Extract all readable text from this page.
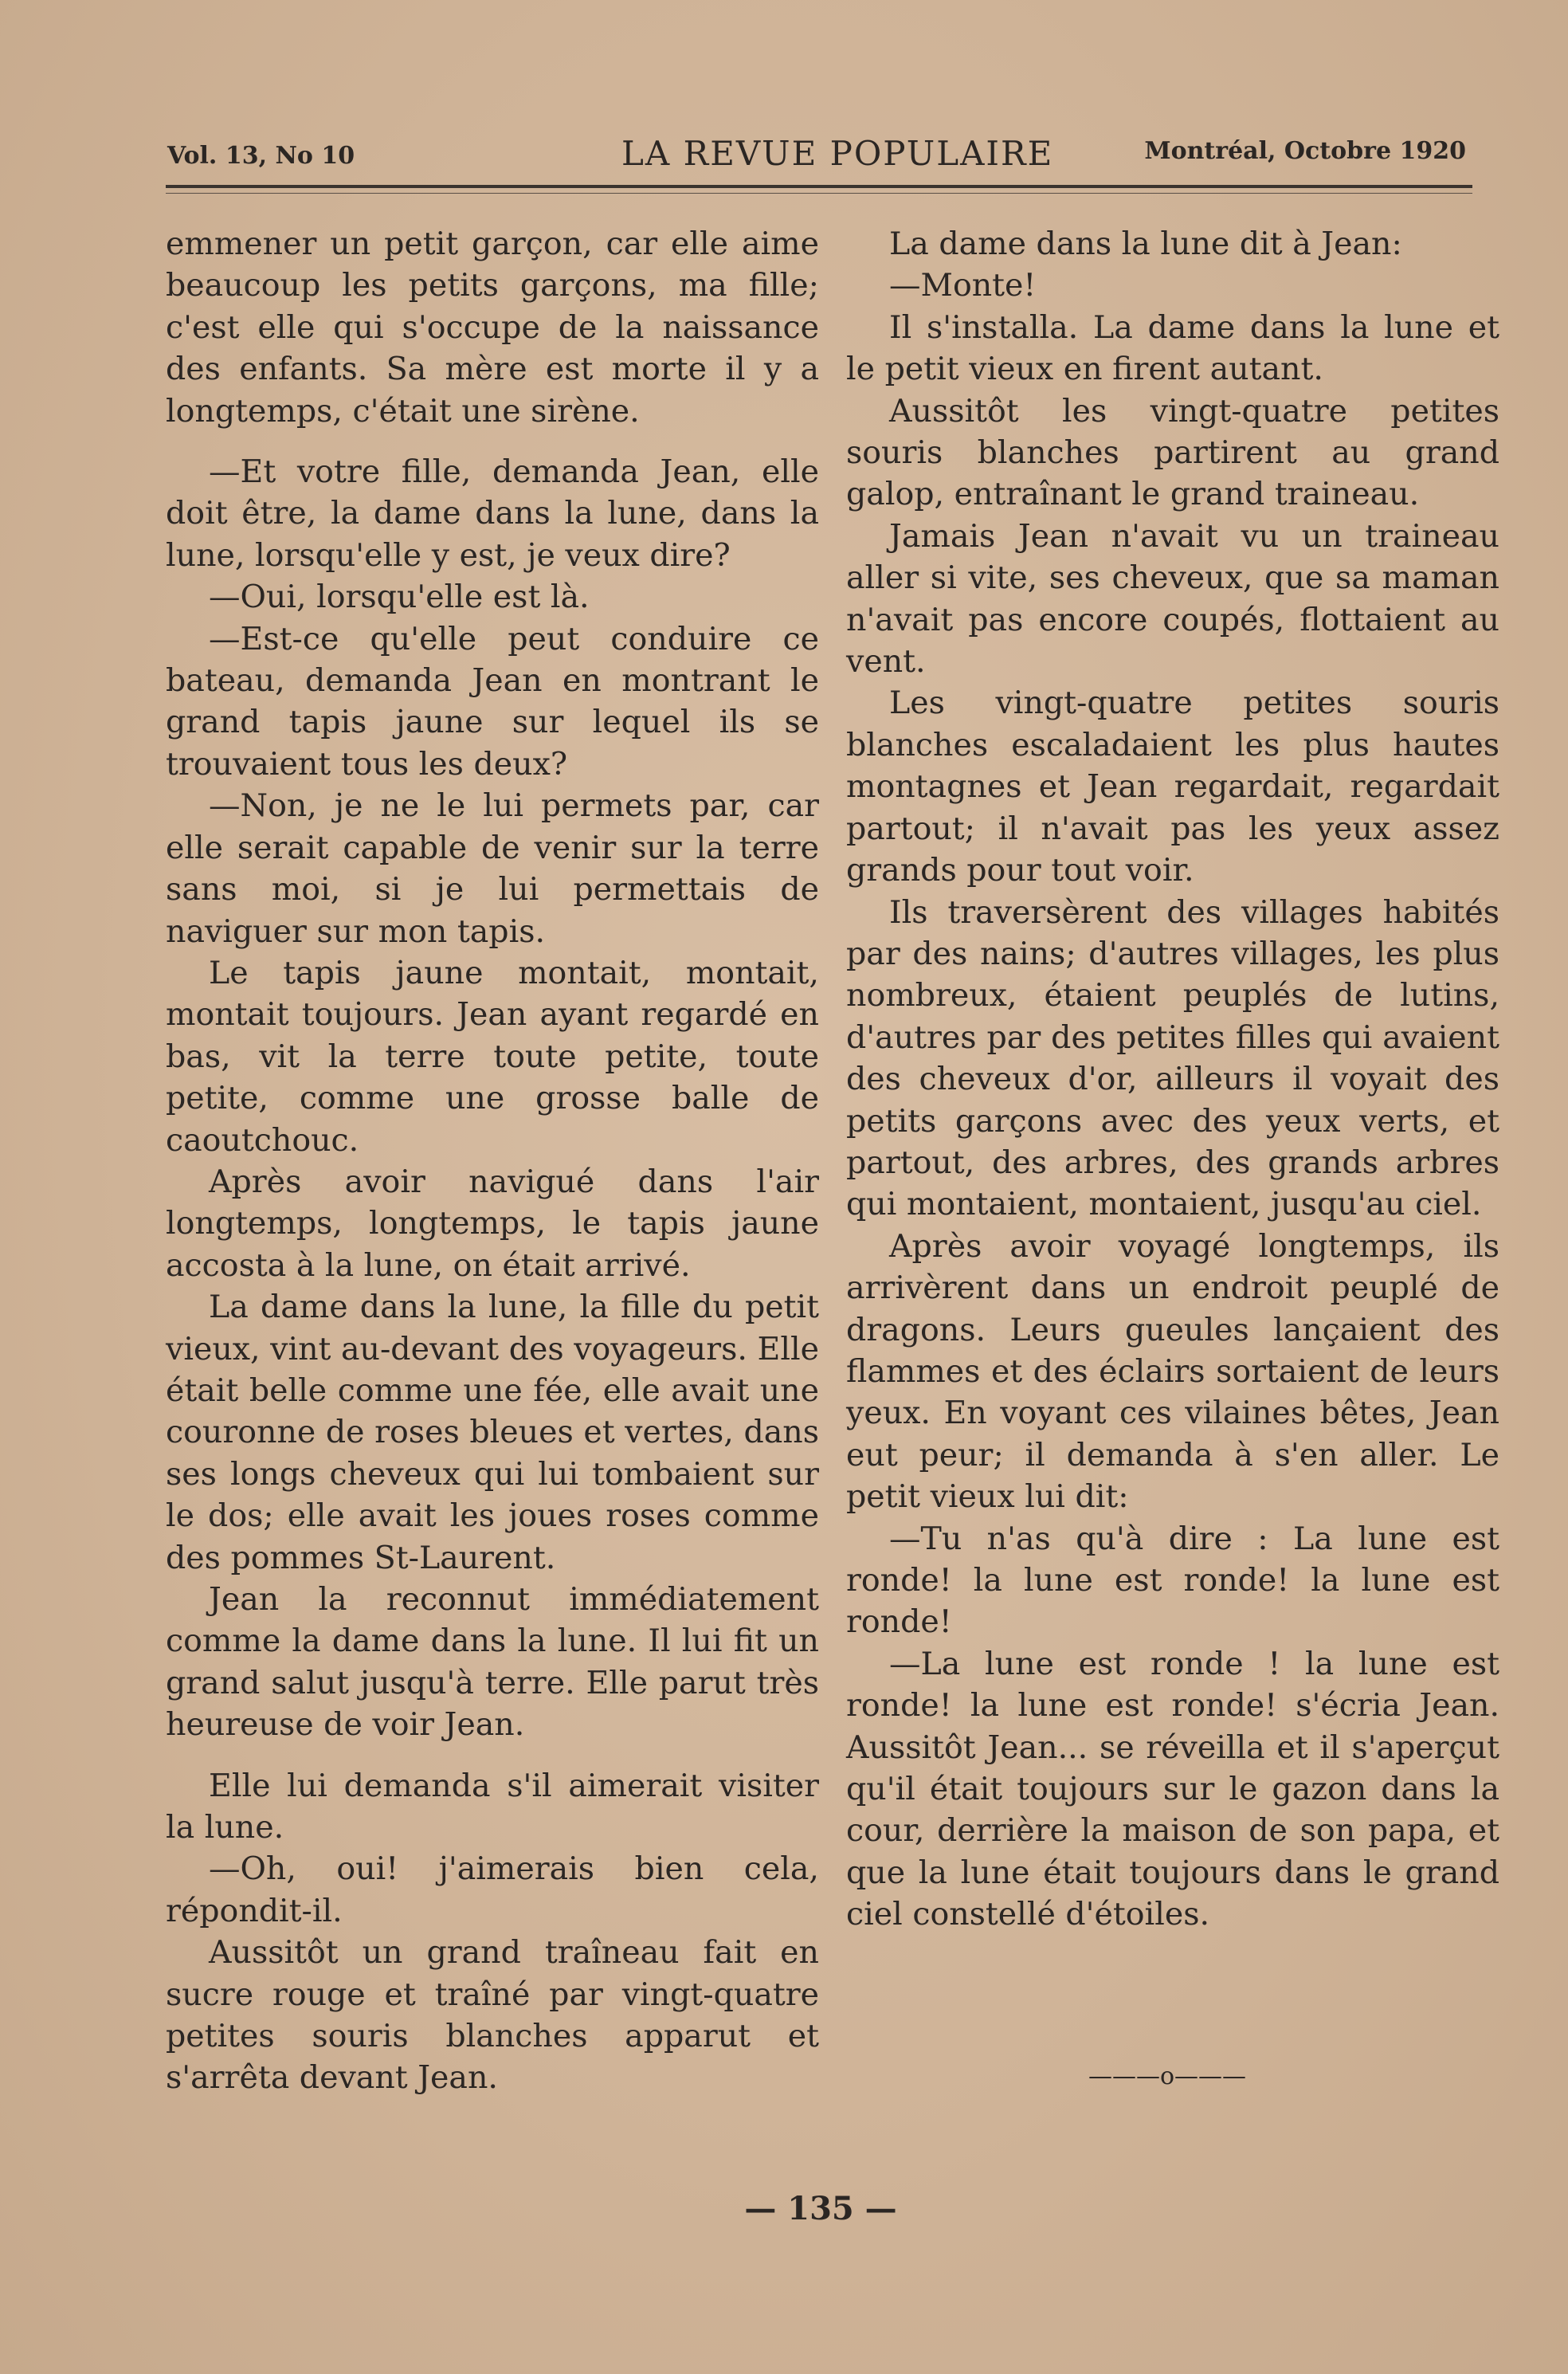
Vol. 13, No 10	LA REVUE POPULAIRE	Montréal, Octobre 1920

emmener un petit garçon, car elle aime beaucoup les petits garçons, ma fille; c'est elle qui s'occupe de la naissance des enfants. Sa mère est morte il y a longtemps, c'était une sirène.

—Et votre fille, demanda Jean, elle doit être, la dame dans la lune, dans la lune, lorsqu'elle y est, je veux dire?

—Oui, lorsqu'elle est là.

—Est-ce qu'elle peut conduire ce bateau, demanda Jean en montrant le grand tapis jaune sur lequel ils se trouvaient tous les deux?

—Non, je ne le lui permets par, car elle serait capable de venir sur la terre sans moi, si je lui permettais de naviguer sur mon tapis.

Le tapis jaune montait, montait, montait toujours. Jean ayant regardé en bas, vit la terre toute petite, toute petite, comme une grosse balle de caoutchouc.

Après avoir navigué dans l'air longtemps, longtemps, le tapis jaune accosta à la lune, on était arrivé.

La dame dans la lune, la fille du petit vieux, vint au-devant des voyageurs. Elle était belle comme une fée, elle avait une couronne de roses bleues et vertes, dans ses longs cheveux qui lui tombaient sur le dos; elle avait les joues roses comme des pommes St-Laurent.

Jean la reconnut immédiatement comme la dame dans la lune. Il lui fit un grand salut jusqu'à terre. Elle parut très heureuse de voir Jean.

Elle lui demanda s'il aimerait visiter la lune.

—Oh, oui! j'aimerais bien cela, répondit-il.

Aussitôt un grand traîneau fait en sucre rouge et traîné par vingt-quatre petites souris blanches apparut et s'arrêta devant Jean.

La dame dans la lune dit à Jean:

—Monte!

Il s'installa. La dame dans la lune et le petit vieux en firent autant.

Aussitôt les vingt-quatre petites souris blanches partirent au grand galop, entraînant le grand traineau.

Jamais Jean n'avait vu un traineau aller si vite, ses cheveux, que sa maman n'avait pas encore coupés, flottaient au vent.

Les vingt-quatre petites souris blanches escaladaient les plus hautes montagnes et Jean regardait, regardait partout; il n'avait pas les yeux assez grands pour tout voir.

Ils traversèrent des villages habités par des nains; d'autres villages, les plus nombreux, étaient peuplés de lutins, d'autres par des petites filles qui avaient des cheveux d'or, ailleurs il voyait des petits garçons avec des yeux verts, et partout, des arbres, des grands arbres qui montaient, montaient, jusqu'au ciel.

Après avoir voyagé longtemps, ils arrivèrent dans un endroit peuplé de dragons. Leurs gueules lançaient des flammes et des éclairs sortaient de leurs yeux. En voyant ces vilaines bêtes, Jean eut peur; il demanda à s'en aller. Le petit vieux lui dit:

—Tu n'as qu'à dire : La lune est ronde! la lune est ronde! la lune est ronde!

—La lune est ronde ! la lune est ronde! la lune est ronde! s'écria Jean. Aussitôt Jean... se réveilla et il s'aperçut qu'il était toujours sur le gazon dans la cour, derrière la maison de son papa, et que la lune était toujours dans le grand ciel constellé d'étoiles.

———o———
— 135 —
